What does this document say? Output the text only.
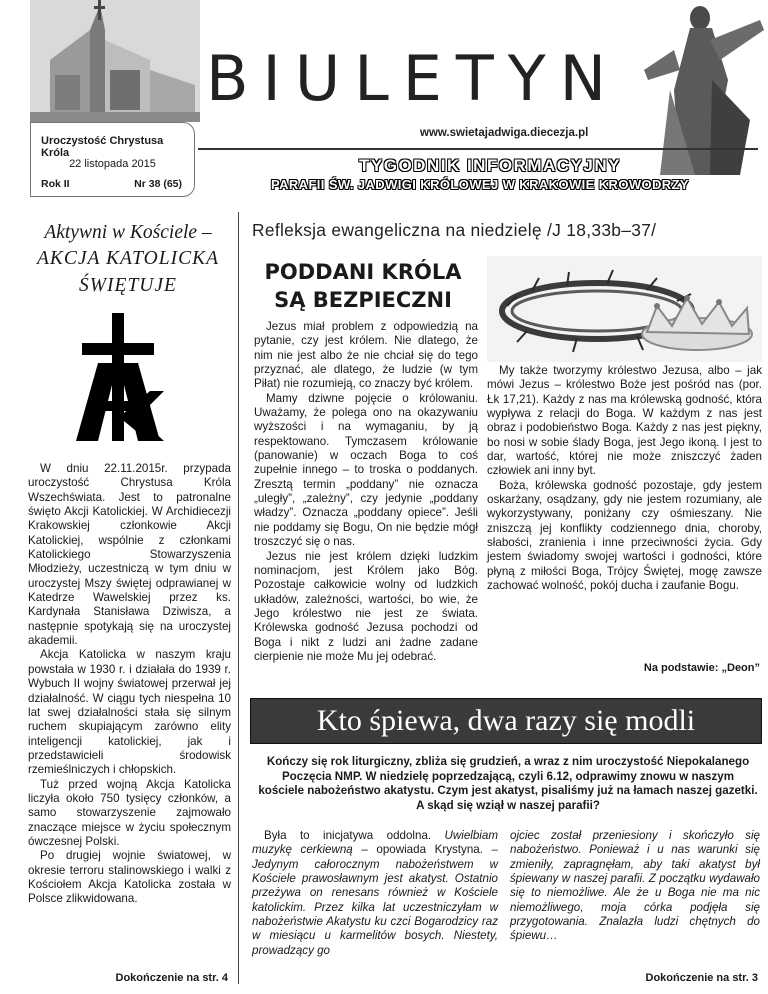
BIULETYN
www.swietajadwiga.diecezja.pl
Uroczystość Chrystusa Króla
22 listopada 2015
Rok II	Nr 38 (65)
TYGODNIK INFORMACYJNY
PARAFII ŚW. JADWIGI KRÓLOWEJ W KRAKOWIE KROWODRZY
Aktywni w Kościele –
AKCJA KATOLICKA
ŚWIĘTUJE

W dniu 22.11.2015r. przypada uroczystość Chrystusa Króla Wszechświata. Jest to patronalne święto Akcji Katolickiej. W Archidiecezji Krakowskiej członkowie Akcji Katolickiej, wspólnie z członkami Katolickiego Stowarzyszenia Młodzieży, uczestniczą w tym dniu w uroczystej Mszy świętej odprawianej w Katedrze Wawelskiej przez ks. Kardynała Stanisława Dziwisza, a następnie spotykają się na uroczystej akademii.

Akcja Katolicka w naszym kraju powstała w 1930 r. i działała do 1939 r. Wybuch II wojny światowej przerwał jej działalność. W ciągu tych niespełna 10 lat swej działalności stała się silnym ruchem skupiającym zarówno elity inteligencji katolickiej, jak i przedstawicieli środowisk rzemieślniczych i chłopskich.

Tuż przed wojną Akcja Katolicka liczyła około 750 tysięcy członków, a samo stowarzyszenie zajmowało znaczące miejsce w życiu społecznym ówczesnej Polski.

Po drugiej wojnie światowej, w okresie terroru stalinowskiego i walki z Kościołem Akcja Katolicka została w Polsce zlikwidowana.

Dokończenie na str. 4
Refleksja ewangeliczna na niedzielę /J 18,33b–37/
PODDANI KRÓLA
SĄ BEZPIECZNI

Jezus miał problem z odpowiedzią na pytanie, czy jest królem. Nie dlatego, że nim nie jest albo że nie chciał się do tego przyznać, ale dlatego, że ludzie (w tym Piłat) nie rozumieją, co znaczy być królem.

Mamy dziwne pojęcie o królowaniu. Uważamy, że polega ono na okazywaniu wyższości i na wymaganiu, by ją respektowano. Tymczasem królowanie (panowanie) w oczach Boga to coś zupełnie innego – to troska o poddanych. Zresztą termin „poddany” nie oznacza „uległy”, „zależny”, czy jedynie „poddany władzy”. Oznacza „poddany opiece”. Jeśli nie poddamy się Bogu, On nie będzie mógł troszczyć się o nas.

Jezus nie jest królem dzięki ludzkim nominacjom, jest Królem jako Bóg. Pozostaje całkowicie wolny od ludzkich układów, zależności, wartości, bo wie, że Jego królestwo nie jest ze świata. Królewska godność Jezusa pochodzi od Boga i nikt z ludzi ani żadne zadane cierpienie nie może Mu jej odebrać.

My także tworzymy królestwo Jezusa, albo – jak mówi Jezus – królestwo Boże jest pośród nas (por. Łk 17,21). Każdy z nas ma królewską godność, która wypływa z relacji do Boga. W każdym z nas jest obraz i podobieństwo Boga. Każdy z nas jest piękny, bo nosi w sobie ślady Boga, jest Jego ikoną. I jest to dar, wartość, której nie może zniszczyć żaden człowiek ani inny byt.

Boża, królewska godność pozostaje, gdy jestem oskarżany, osądzany, gdy nie jestem rozumiany, ale wykorzystywany, poniżany czy ośmieszany. Nie zniszczą jej konflikty codziennego dnia, choroby, słabości, zranienia i inne przeciwności życia. Gdy jestem świadomy swojej wartości i godności, które płyną z miłości Boga, Trójcy Świętej, mogę zawsze zachować wolność, pokój ducha i zaufanie Bogu.

Na podstawie: „Deon”
Kto śpiewa, dwa razy się modli
Kończy się rok liturgiczny, zbliża się grudzień, a wraz z nim uroczystość Niepokalanego Poczęcia NMP. W niedzielę poprzedzającą, czyli 6.12, odprawimy znowu w naszym kościele nabożeństwo akatystu. Czym jest akatyst, pisaliśmy już na łamach naszej gazetki. A skąd się wziął w naszej parafii?

Była to inicjatywa oddolna. Uwielbiam muzykę cerkiewną – opowiada Krystyna. – Jedynym całorocznym nabożeństwem w Kościele prawosławnym jest akatyst. Ostatnio przeżywa on renesans również w Kościele katolickim. Przez kilka lat uczestniczyłam w nabożeństwie Akatystu ku czci Bogarodzicy raz w miesiącu u karmelitów bosych. Niestety, prowadzący go

ojciec został przeniesiony i skończyło się nabożeństwo. Ponieważ i u nas warunki się zmieniły, zapragnęłam, aby taki akatyst był śpiewany w naszej parafii. Z początku wydawało się to niemożliwe. Ale że u Boga nie ma nic niemożliwego, moja córka podjęła się przygotowania. Znalazła ludzi chętnych do śpiewu…

Dokończenie na str. 3
